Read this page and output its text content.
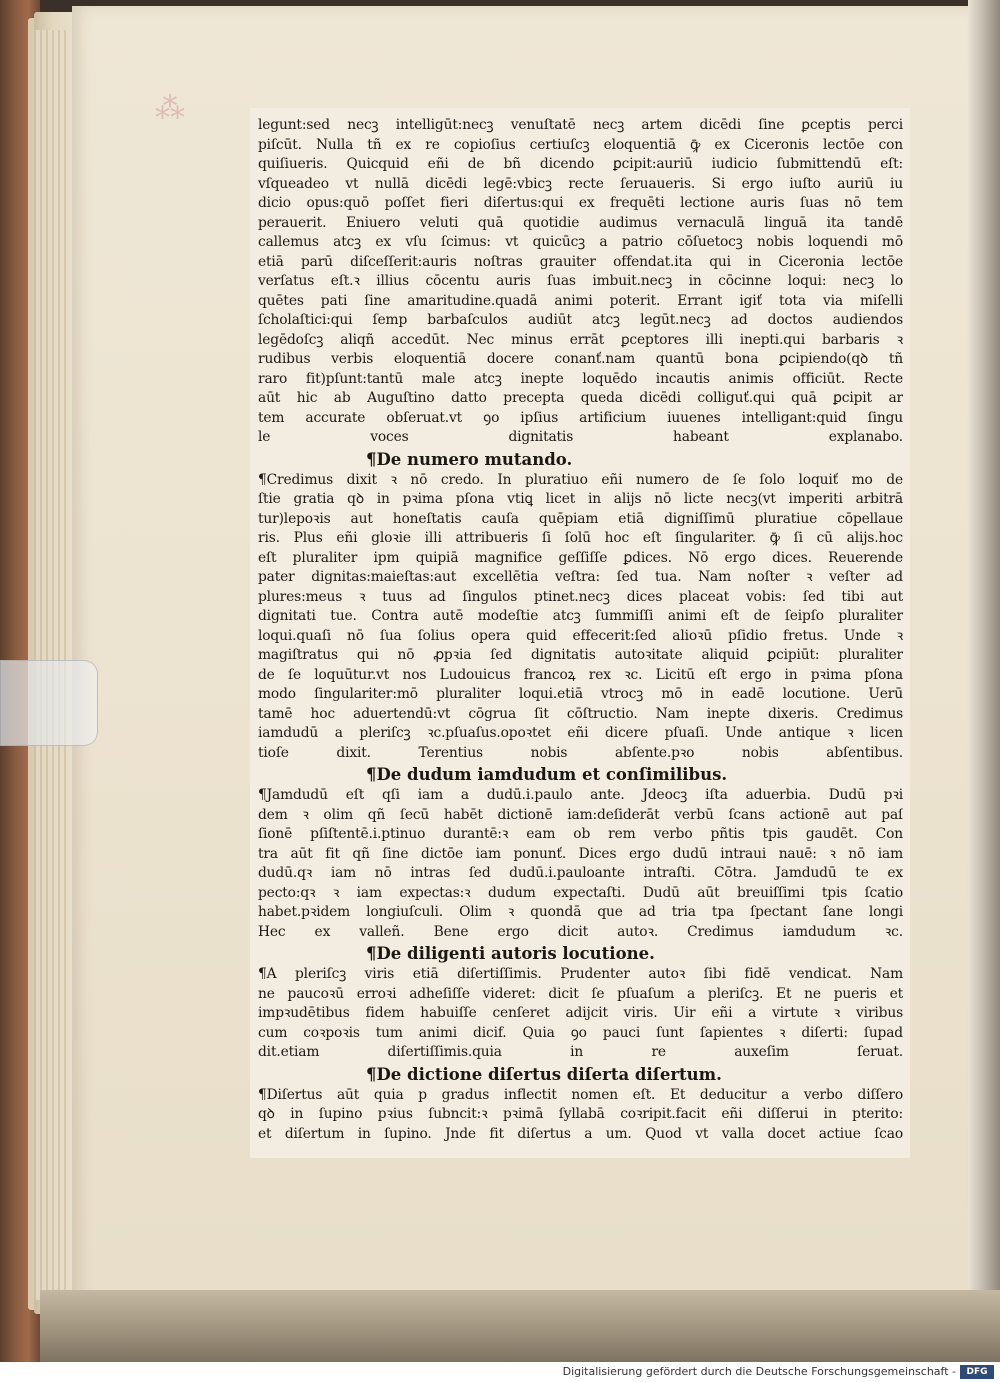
⁂	legunt:sed necꝫ intelligūt:necꝫ venuſtatē necꝫ artem dicēdi ſine ꝑceptis perci
piſcūt. Nulla tñ ex re copioſius certiuſcꝫ eloquentiā ꝙ̄ ex Ciceronis lectōe con
quiſiueris. Quicquid eñi de bñ dicendo ꝑcipit:auriū iudicio ſubmittendū eſt:
vſqueadeo vt nullā dicēdi legē:vbicꝫ recte ſeruaueris. Si ergo iuſto auriū iu
dicio opus:quō poſſet fieri diſertus:qui ex frequēti lectione auris ſuas nō tem
perauerit. Eniuero veluti quā quotidie audimus vernaculā linguā ita tandē
callemus atcꝫ ex vſu ſcimus: vt quicūcꝫ a patrio cōſuetocꝫ nobis loquendi mō
etiā parū diſceſſerit:auris noſtras grauiter offendat.ita qui in Ciceronia lectōe
verſatus eſt.ꝛ illius cōcentu auris ſuas imbuit.necꝫ in cōcinne loqui: necꝫ lo
quētes pati ſine amaritudine.quadā animi poterit. Errant igiť tota via miſelli
ſcholaſtici:qui ſemp barbaſculos audiūt atcꝫ legūt.necꝫ ad doctos audiendos
legēdoſcꝫ aliqñ accedūt. Nec minus errāt ꝑceptores illi inepti.qui barbaris ꝛ
rudibus verbis eloquentiā docere conanť.nam quantū bona ꝑcipiendo(qꝺ tñ
raro fit)pſunt:tantū male atcꝫ inepte loquēdo incautis animis officiūt. Recte
aūt hic ab Auguſtino datto precepta queda dicēdi colliguť.qui quā ꝑcipit ar
tem accurate obſeruat.vt ꝯo ipſius artificium iuuenes intelligant:quid ſingu
le voces dignitatis habeant explanabo.
¶De numero mutando.
¶Credimus dixit ꝛ nō credo. In pluratiuo eñi numero de ſe ſolo loquiť mo de
ſtie gratia qꝺ in pꝛima pſona vtiꝗ licet in alijs nō licte necꝫ(vt imperiti arbitrā
tur)lepoꝛis aut honeſtatis cauſa quēpiam etiā digniſſimū pluratiue cōpellaue
ris. Plus eñi gloꝛie illi attribueris ſi ſolū hoc eſt ſingulariter. ꝙ̄ ſi cū alijs.hoc
eſt pluraliter ipm quipiā magnifice geſſiſſe ꝑdices. Nō ergo dices. Reuerende
pater dignitas:maieſtas:aut excellētia veſtra: ſed tua. Nam noſter ꝛ veſter ad
plures:meus ꝛ tuus ad ſingulos ptinet.necꝫ dices placeat vobis: ſed tibi aut
dignitati tue. Contra autē modeſtie atcꝫ ſummiſſi animi eſt de ſeipſo pluraliter
loqui.quaſi nō ſua ſolius opera quid effecerit:ſed alioꝛū pſidio fretus. Unde ꝛ
magiſtratus qui nō ꝓpꝛia ſed dignitatis autoꝛitate aliquid ꝑcipiūt: pluraliter
de ſe loquūtur.vt nos Ludouicus francoꝝ rex ꝛc. Licitū eſt ergo in pꝛima pſona
modo ſingulariter:mō pluraliter loqui.etiā vtrocꝫ mō in eadē locutione. Uerū
tamē hoc aduertendū:vt cōgrua ſit cōſtructio. Nam inepte dixeris. Credimus
iamdudū a pleriſcꝫ ꝛc.pſuaſus.opoꝛtet eñi dicere pſuaſi. Unde antique ꝛ licen
tioſe dixit. Terentius nobis abſente.pꝛo nobis abſentibus.
¶De dudum iamdudum et conſimilibus.
¶Jamdudū eſt qſi iam a dudū.i.paulo ante. Jdeocꝫ iſta aduerbia. Dudū pꝛi
dem ꝛ olim qñ ſecū habēt dictionē iam:deſiderāt verbū ſcans actionē aut paſ
ſionē pſiſtentē.i.ptinuo durantē:ꝛ eam ob rem verbo pñtis tpis gaudēt. Con
tra aūt fit qñ ſine dictōe iam ponunť. Dices ergo dudū intraui nauē: ꝛ nō iam
dudū.qꝛ iam nō intras ſed dudū.i.pauloante intraſti. Cōtra. Jamdudū te ex
pecto:qꝛ ꝛ iam expectas:ꝛ dudum expectaſti. Dudū aūt breuiſſimi tpis ſcatio
habet.pꝛidem longiuſculi. Olim ꝛ quondā que ad tria tpa ſpectant ſane longi
Hec ex valleñ. Bene ergo dicit autoꝛ. Credimus iamdudum ꝛc.
¶De diligenti autoris locutione.
¶A pleriſcꝫ viris etiā diſertiſſimis. Prudenter autoꝛ ſibi fidē vendicat. Nam
ne paucoꝛū erroꝛi adheſiſſe videret: dicit ſe pſuaſum a pleriſcꝫ. Et ne pueris et
impꝛudētibus fidem habuiſſe cenſeret adijcit viris. Uir eñi a virtute ꝛ viribus
cum coꝛpoꝛis tum animi dicif. Quia ꝯo pauci ſunt ſapientes ꝛ diſerti: ſupad
dit.etiam diſertiſſimis.quia in re auxeſim ſeruat.
¶De dictione diſertus diſerta diſertum.
¶Diſertus aūt quia p gradus inflectit nomen eſt. Et deducitur a verbo diſſero
qꝺ in ſupino pꝛius ſubncit:ꝛ pꝛimā ſyllabā coꝛripit.facit eñi diſſerui in pterito:
et diſertum in ſupino. Jnde fit diſertus a um. Quod vt valla docet actiue ſcao
Digitalisierung gefördert durch die Deutsche Forschungsgemeinschaft -	DFG
